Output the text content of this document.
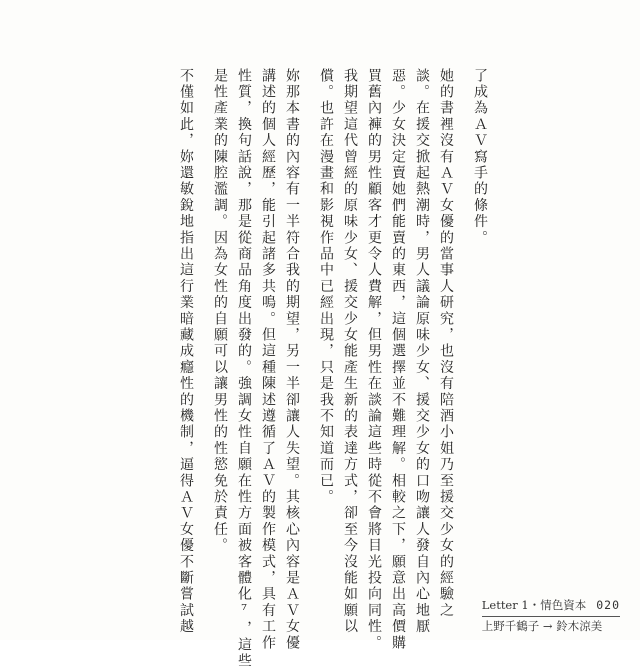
了成為ＡＶ寫手的條件。
她的書裡沒有ＡＶ女優的當事人研究，也沒有陪酒小姐乃至援交少女的經驗之
談。在援交掀起熱潮時，男人議論原味少女、援交少女的口吻讓人發自內心地厭
惡。少女決定賣她們能賣的東西，這個選擇並不難理解。相較之下，願意出高價購
買舊內褲的男性顧客才更令人費解，但男性在談論這些時從不會將目光投向同性。
我期望這代曾經的原味少女、援交少女能產生新的表達方式，卻至今沒能如願以
償。也許在漫畫和影視作品中已經出現，只是我不知道而已。
妳那本書的內容有一半符合我的期望，另一半卻讓人失望。其核心內容是ＡＶ女優
講述的個人經歷，能引起諸多共鳴。但這種陳述遵循了ＡＶ的製作模式，具有工作
性質，換句話說，那是從商品角度出發的。強調女性自願在性方面被客體化⁷，這些
是性產業的陳腔濫調。因為女性的自願可以讓男性的性慾免於責任。
不僅如此，妳還敏銳地指出這行業暗藏成癮性的機制，逼得ＡＶ女優不斷嘗試越	Letter 1・情色資本 020
上野千鶴子 → 鈴木涼美
